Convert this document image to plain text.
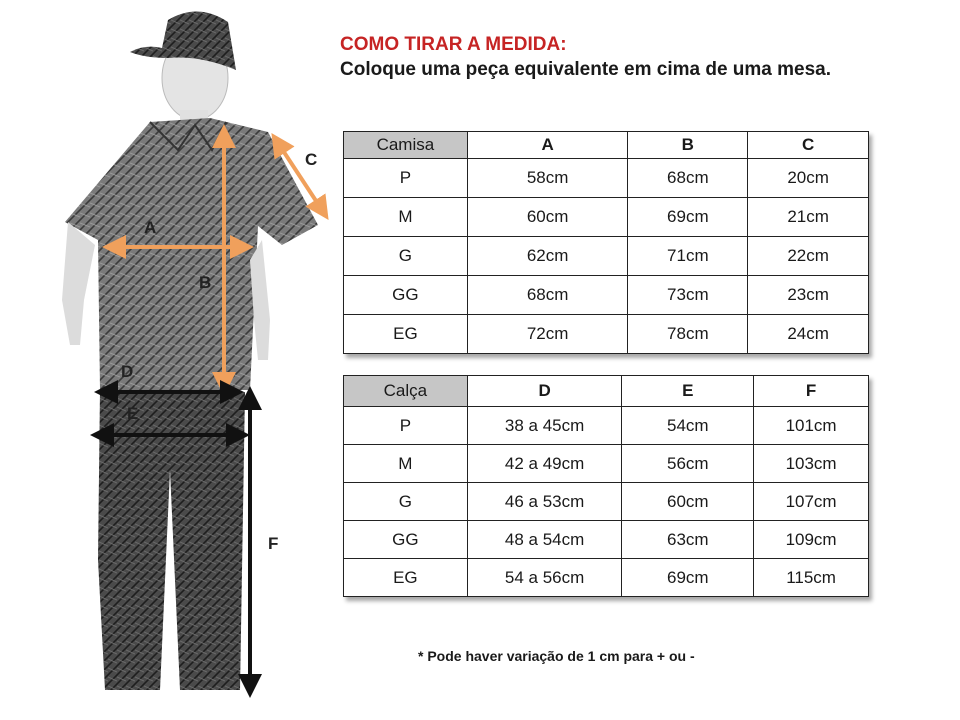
A
B
C
D
E
F
COMO TIRAR A MEDIDA:
Coloque uma peça equivalente em cima de uma mesa.
Camisa	A	B	C
P	58cm	68cm	20cm
M	60cm	69cm	21cm
G	62cm	71cm	22cm
GG	68cm	73cm	23cm
EG	72cm	78cm	24cm
Calça	D	E	F
P	38 a 45cm	54cm	101cm
M	42 a 49cm	56cm	103cm
G	46 a 53cm	60cm	107cm
GG	48 a 54cm	63cm	109cm
EG	54 a 56cm	69cm	115cm
* Pode haver variação de 1 cm para + ou -
